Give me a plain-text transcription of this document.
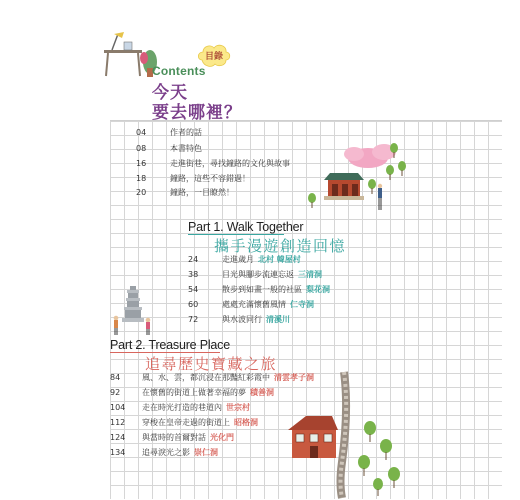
目錄
Contents
今天
要去哪裡？
04	作者的話
08	本書特色
16	走進街巷，尋找鐘路的文化與故事
18	鐘路，這些不容錯過！
20	鐘路，一目瞭然！
Part 1. Walk Together
攜手漫遊創造回憶
24	走進歲月 北村 韓屋村
38	目光與腳步流連忘返 三清洞
54	散步到如畫一般的社區 梨花洞
60	處處充滿懷舊風情 仁寺洞
72	與水波同行 清溪川
Part 2. Treasure Place
追尋歷史寶藏之旅
84	風、水、雲，都沉浸在那豔紅彩霞中 清雲孝子洞
92	在懷舊的街道上做著幸福的夢 積善洞
104 走在時光打造的巷道內 世宗村
112 穿梭在皇帝走過的街道上 昭格洞
124 與當時的首爾對話 光化門
134 追尋淚光之影 崇仁洞
